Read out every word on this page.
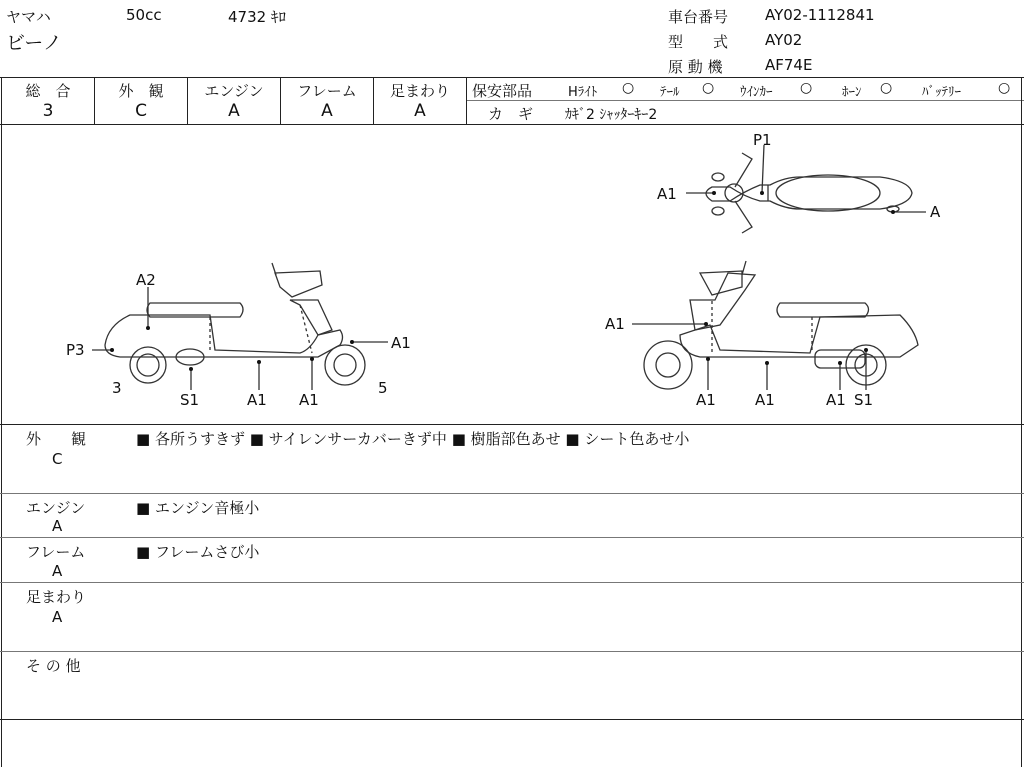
ヤマハ	50cc	4732 ｷﾛ
ビーノ
車台番号 AY02-1112841
型　　式 AY02
原 動 機	AF74E
総　合
3
外　観
C
エンジン
A
フレーム
A
足まわり
A
保安部品	Hﾗｲﾄ ○ ﾃｰﾙ ○ ｳｲﾝｶｰ ○ ﾎｰﾝ ○ ﾊﾞｯﾃﾘｰ	○
カ　ギ ｶｷﾞ2 ｼｬｯﾀｰｷｰ2
P1
A1
A
A2
P3
3
S1	A1 A1
5
A1
A1
A1	A1	A1 S1
外　　観
C
■ 各所うすきず ■ サイレンサーカバーきず中 ■ 樹脂部色あせ ■ シート色あせ小
エンジン
A
■ エンジン音極小
フレーム
A
■ フレームさび小
足まわり
A
そ の 他
